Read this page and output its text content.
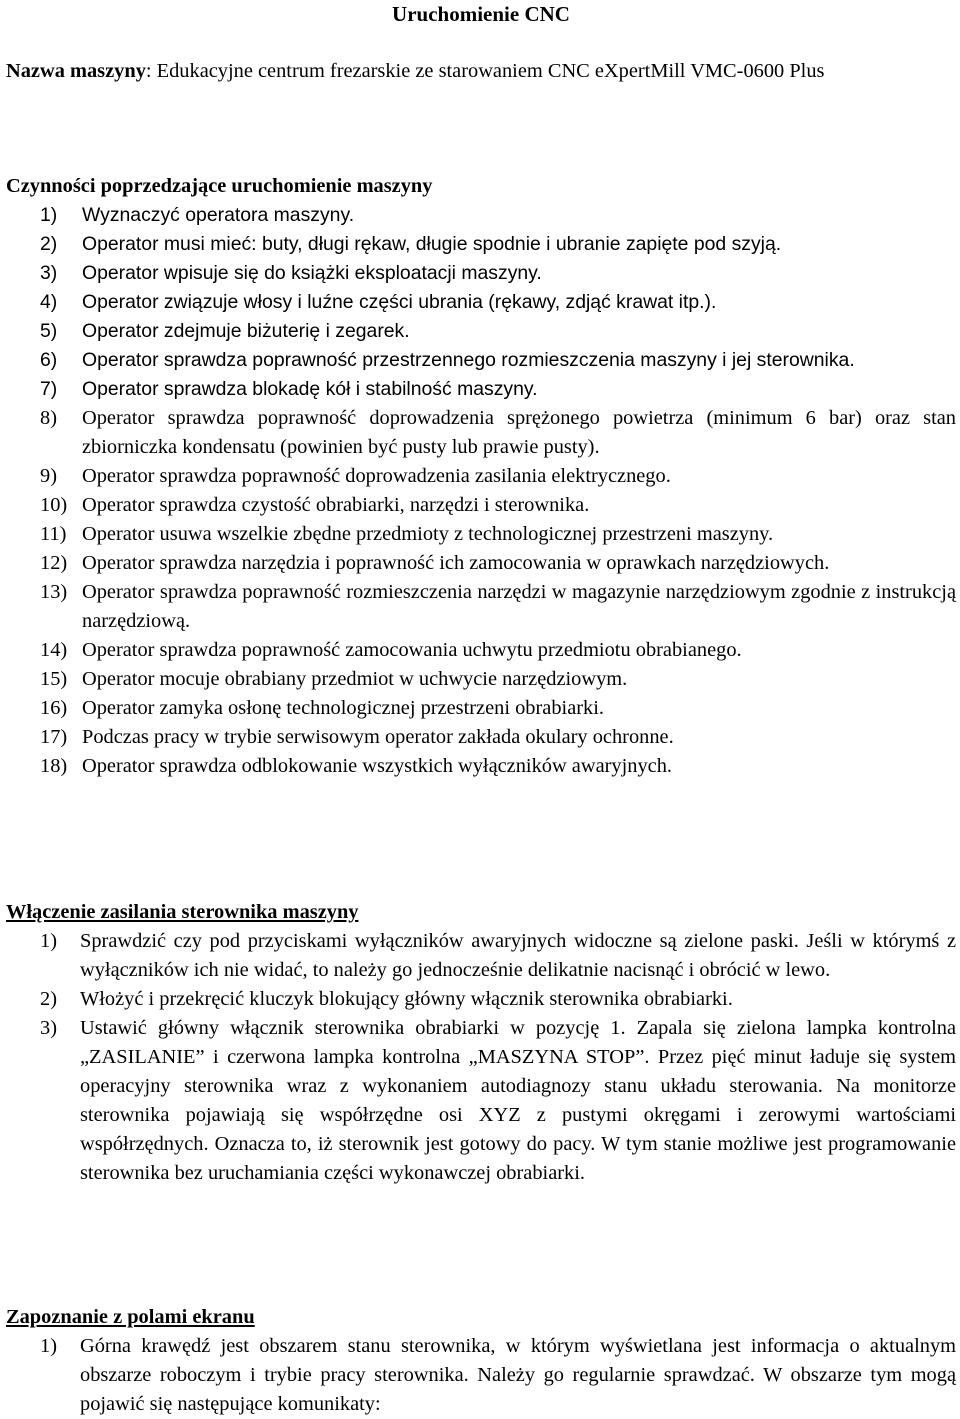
Uruchomienie CNC

Nazwa maszyny: Edukacyjne centrum frezarskie ze starowaniem CNC eXpertMill VMC-0600 Plus

Czynności poprzedzające uruchomienie maszyny

1) Wyznaczyć operatora maszyny.
2) Operator musi mieć: buty, długi rękaw, długie spodnie i ubranie zapięte pod szyją.
3) Operator wpisuje się do książki eksploatacji maszyny.
4) Operator związuje włosy i luźne części ubrania (rękawy, zdjąć krawat itp.).
5) Operator zdejmuje biżuterię i zegarek.
6) Operator sprawdza poprawność przestrzennego rozmieszczenia maszyny i jej sterownika.
7) Operator sprawdza blokadę kół i stabilność maszyny.
8) Operator sprawdza poprawność doprowadzenia sprężonego powietrza (minimum 6 bar) oraz stan zbiorniczka kondensatu (powinien być pusty lub prawie pusty).
9) Operator sprawdza poprawność doprowadzenia zasilania elektrycznego.
10) Operator sprawdza czystość obrabiarki, narzędzi i sterownika.
11) Operator usuwa wszelkie zbędne przedmioty z technologicznej przestrzeni maszyny.
12) Operator sprawdza narzędzia i poprawność ich zamocowania w oprawkach narzędziowych.
13) Operator sprawdza poprawność rozmieszczenia narzędzi w magazynie narzędziowym zgodnie z instrukcją narzędziową.
14) Operator sprawdza poprawność zamocowania uchwytu przedmiotu obrabianego.
15) Operator mocuje obrabiany przedmiot w uchwycie narzędziowym.
16) Operator zamyka osłonę technologicznej przestrzeni obrabiarki.
17) Podczas pracy w trybie serwisowym operator zakłada okulary ochronne.
18) Operator sprawdza odblokowanie wszystkich wyłączników awaryjnych.

Włączenie zasilania sterownika maszyny

1) Sprawdzić czy pod przyciskami wyłączników awaryjnych widoczne są zielone paski. Jeśli w którymś z wyłączników ich nie widać, to należy go jednocześnie delikatnie nacisnąć i obrócić w lewo.
2) Włożyć i przekręcić kluczyk blokujący główny włącznik sterownika obrabiarki.
3) Ustawić główny włącznik sterownika obrabiarki w pozycję 1. Zapala się zielona lampka kontrolna „ZASILANIE” i czerwona lampka kontrolna „MASZYNA STOP”. Przez pięć minut ładuje się system operacyjny sterownika wraz z wykonaniem autodiagnozy stanu układu sterowania. Na monitorze sterownika pojawiają się współrzędne osi XYZ z pustymi okręgami i zerowymi wartościami współrzędnych. Oznacza to, iż sterownik jest gotowy do pacy. W tym stanie możliwe jest programowanie sterownika bez uruchamiania części wykonawczej obrabiarki.

Zapoznanie z polami ekranu

1) Górna krawędź jest obszarem stanu sterownika, w którym wyświetlana jest informacja o aktualnym obszarze roboczym i trybie pracy sterownika. Należy go regularnie sprawdzać. W obszarze tym mogą pojawić się następujące komunikaty:
